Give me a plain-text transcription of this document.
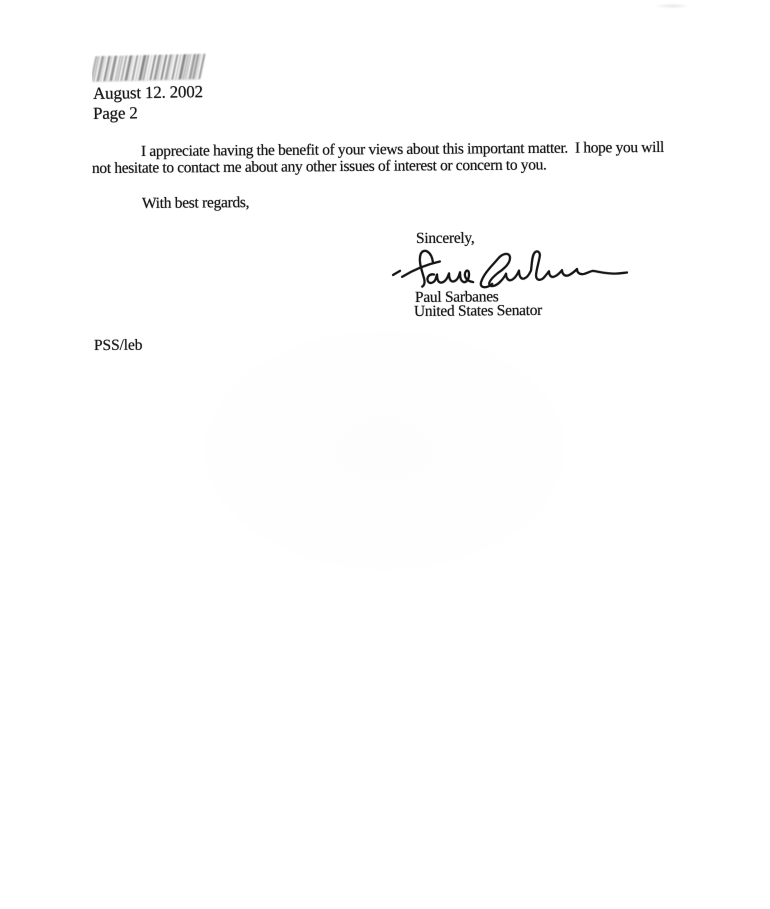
August 12. 2002
Page 2
I appreciate having the benefit of your views about this important matter.  I hope you will
not hesitate to contact me about any other issues of interest or concern to you.
With best regards,
Sincerely,
Paul Sarbanes
United States Senator
PSS/leb
